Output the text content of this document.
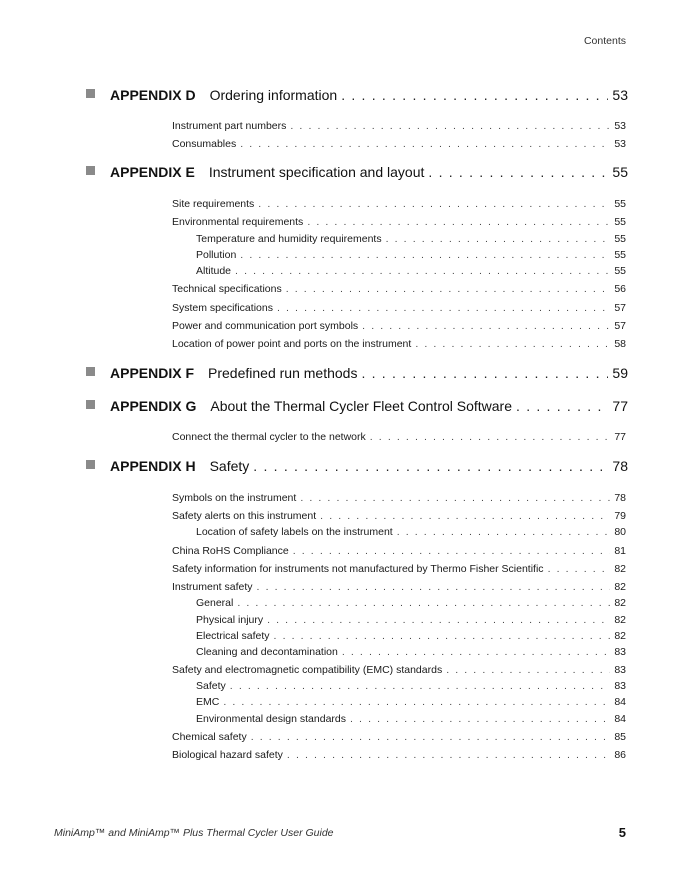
Contents
APPENDIX D Ordering information . . .	53
Instrument part numbers . . .	53
Consumables . . .	53
APPENDIX E Instrument specification and layout . . .	55
Site requirements . . .	55
Environmental requirements . . .	55
Temperature and humidity requirements . . .	55
Pollution . . .	55
Altitude . . .	55
Technical specifications . . .	56
System specifications . . .	57
Power and communication port symbols . . .	57
Location of power point and ports on the instrument . . .	58
APPENDIX F Predefined run methods . . .	59
APPENDIX G About the Thermal Cycler Fleet Control Software . . .	77
Connect the thermal cycler to the network . . .	77
APPENDIX H Safety . . .	78
Symbols on the instrument . . .	78
Safety alerts on this instrument . . .	79
Location of safety labels on the instrument . . .	80
China RoHS Compliance . . .	81
Safety information for instruments not manufactured by Thermo Fisher Scientific . . .	82
Instrument safety . . .	82
General . . .	82
Physical injury . . .	82
Electrical safety . . .	82
Cleaning and decontamination . . .	83
Safety and electromagnetic compatibility (EMC) standards . . .	83
Safety . . .	83
EMC . . .	84
Environmental design standards . . .	84
Chemical safety . . .	85
Biological hazard safety . . .	86
MiniAmp™ and MiniAmp™ Plus Thermal Cycler User Guide	5
